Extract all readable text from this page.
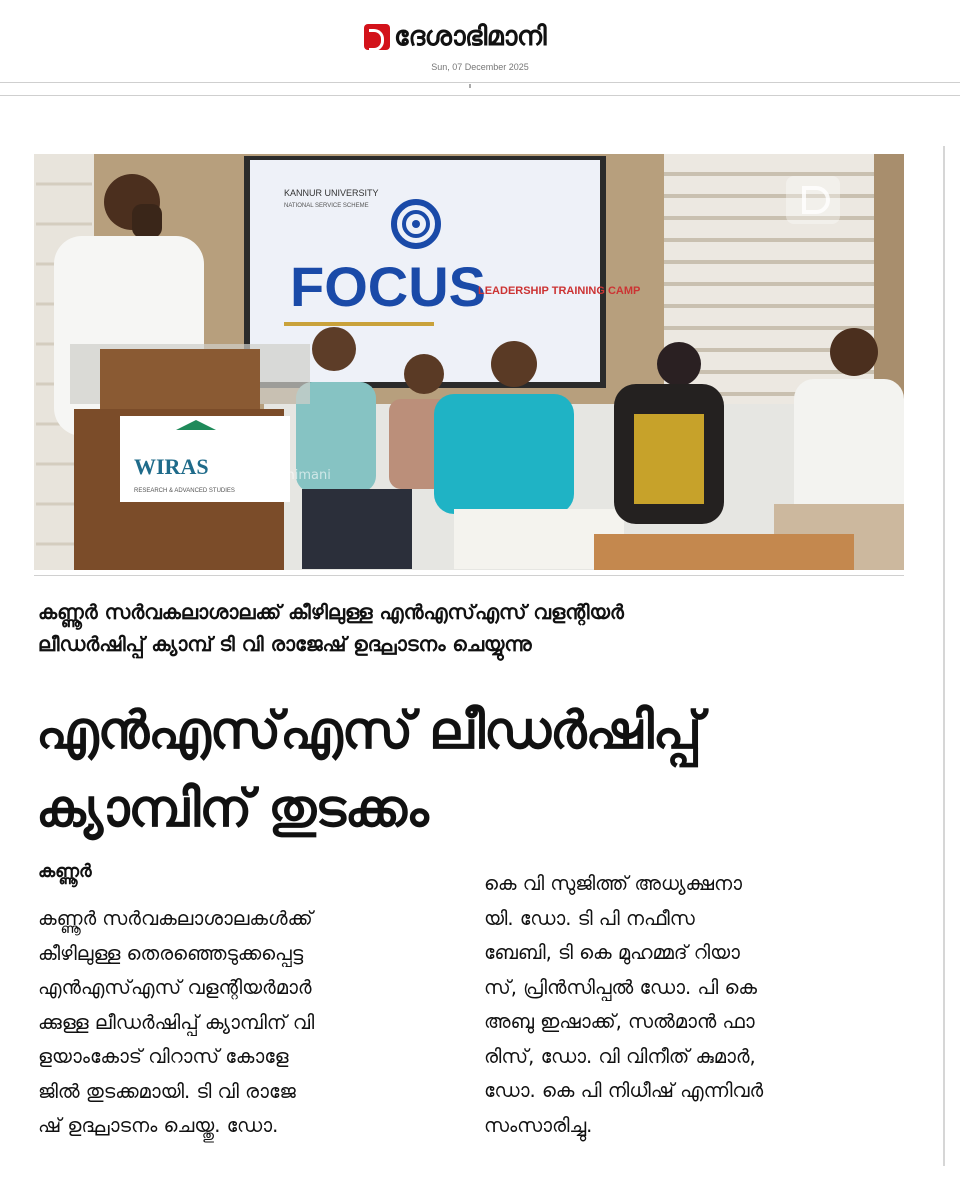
ദേശാഭിമാനി
Sun, 07 December 2025
KANNUR UNIVERSITY
NATIONAL SERVICE SCHEME
FOCUS
LEADERSHIP TRAINING CAMP
WIRAS
RESEARCH & ADVANCED STUDIES
deshabhimani
കണ്ണൂർ സർവകലാശാലക്ക് കീഴിലുള്ള എൻഎസ്എസ് വളന്റിയർ
ലീഡർഷിപ്പ് ക്യാമ്പ് ടി വി രാജേഷ് ഉദ്ഘാടനം ചെയ്യുന്നു
എൻഎസ്എസ് ലീഡർഷിപ്പ്
ക്യാമ്പിന് തുടക്കം
കണ്ണൂർ

കണ്ണൂർ സർവകലാശാലകൾക്ക്

കീഴിലുള്ള തെരഞ്ഞെടുക്കപ്പെട്ട

എൻഎസ്എസ് വളന്റിയർമാർ

ക്കുള്ള ലീഡർഷിപ്പ് ക്യാമ്പിന് വി

ളയാംകോട് വിറാസ് കോളേ

ജിൽ തുടക്കമായി. ടി വി രാജേ

ഷ് ഉദ്ഘാടനം ചെയ്തു. ഡോ.

കെ വി സുജിത്ത് അധ്യക്ഷനാ

യി. ഡോ. ടി പി നഫീസ

ബേബി, ടി കെ മുഹമ്മദ് റിയാ

സ്, പ്രിൻസിപ്പൽ ഡോ. പി കെ

അബു ഇഷാക്ക്, സൽമാൻ ഫാ

രിസ്, ഡോ. വി വിനീത് കുമാർ,

ഡോ. കെ പി നിധീഷ് എന്നിവർ

സംസാരിച്ചു.
